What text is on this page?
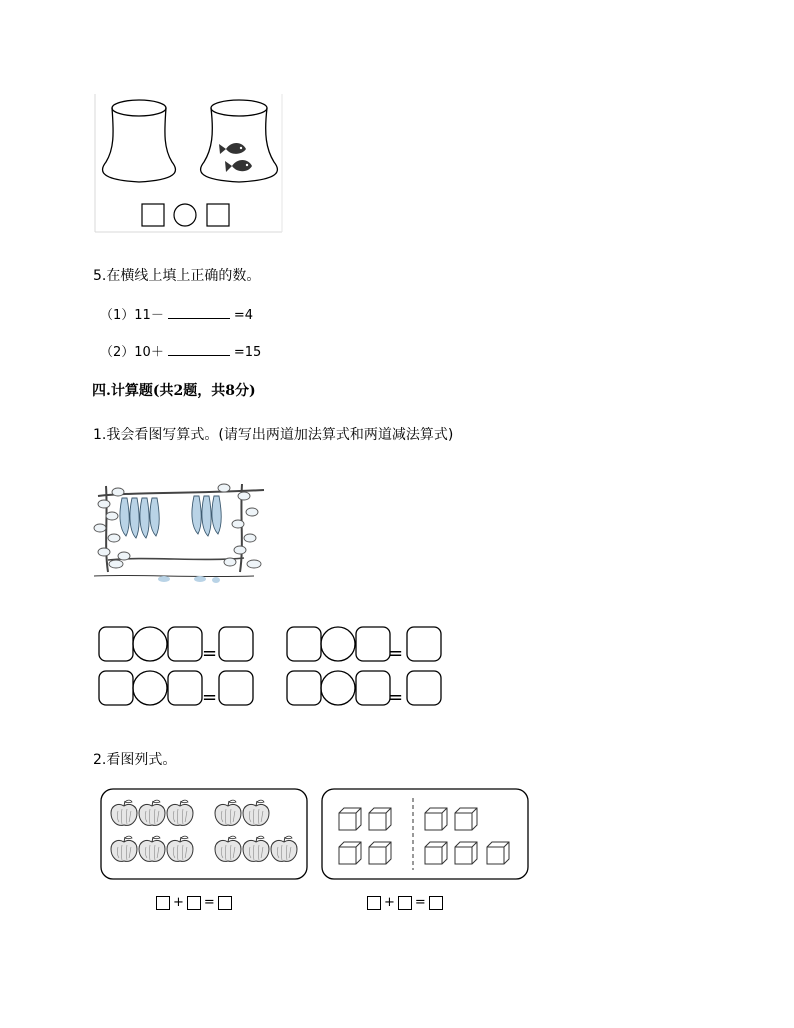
5.在横线上填上正确的数。
（1）11－	=4
（2）10＋	=15
四.计算题(共2题，共8分)
1.我会看图写算式。(请写出两道加法算式和两道减法算式)
=	=
=	=
2.看图列式。
+ =	+ =
